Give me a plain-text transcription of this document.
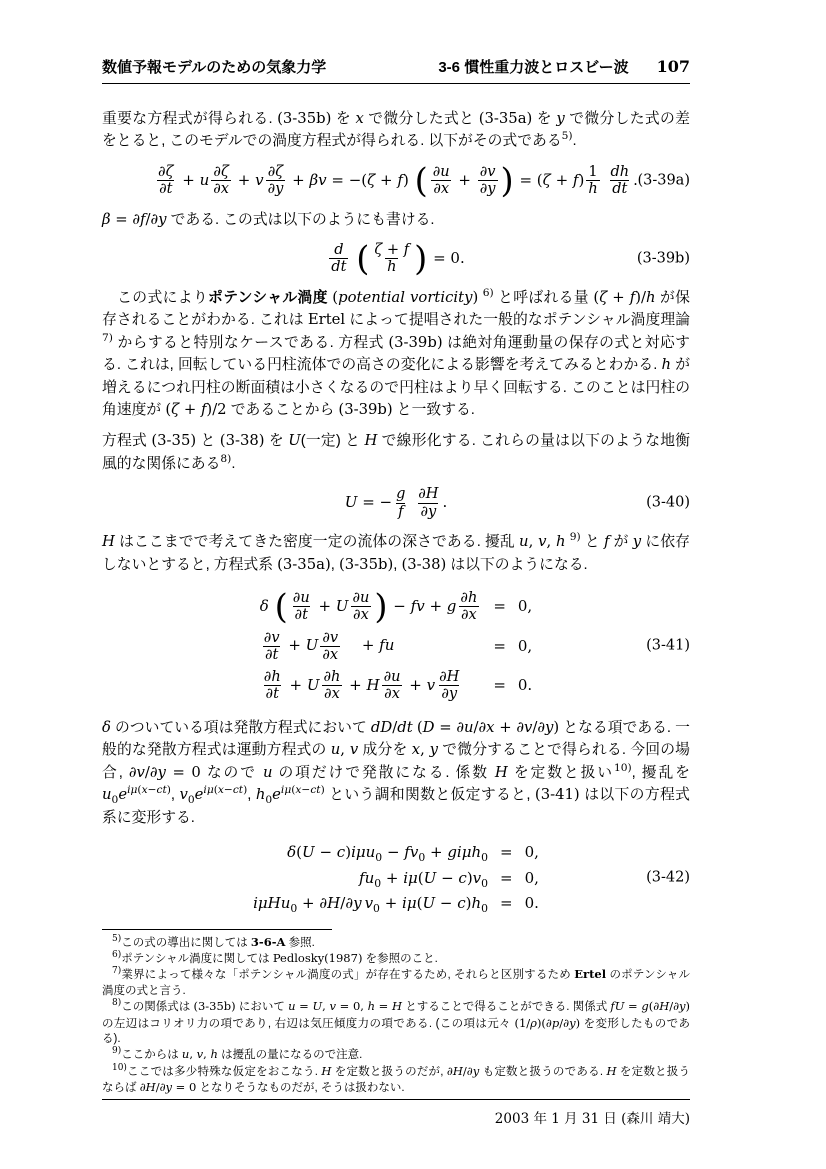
数値予報モデルのための気象力学	3-6 慣性重力波とロスビー波 107

重要な方程式が得られる. (3-35b) を x で微分した式と (3-35a) を y で微分した式の差をとると, このモデルでの渦度方程式が得られる. 以下がその式である$^{5)}$.

$\frac{\partial\zeta}{\partial t} + u \frac{\partial\zeta}{\partial x} + v \frac{\partial\zeta}{\partial y} + \beta v = -(\zeta + f)$ ( $\frac{\partial u}{\partial x} + \frac{\partial v}{\partial y}$ ) = $(\zeta + f) \frac{1}{h}$
$\frac{dh}{dt}$ . (3-39a)

β = ∂f/∂y である. この式は以下のようにも書ける.

$\frac{d}{dt}$ ( $\frac{\zeta + f}{h}$ ) = 0.	(3-39b)

　この式によりポテンシャル渦度 (potential vorticity) $^{6)}$ と呼ばれる量 (ζ + f)/h が保存されることがわかる. これは Ertel によって提唱された一般的なポテンシャル渦度理論$^{7)}$ からすると特別なケースである. 方程式 (3-39b) は絶対角運動量の保存の式と対応する. これは, 回転している円柱流体での高さの変化による影響を考えてみるとわかる. h が増えるにつれ円柱の断面積は小さくなるので円柱はより早く回転する. このことは円柱の角速度が (ζ + f)/2 であることから (3-39b) と一致する.

方程式 (3-35) と (3-38) を U(一定) と H で線形化する. これらの量は以下のような地衡風的な関係にある$^{8)}$.

U = − $\frac{g}{f}$
$\frac{\partial H}{\partial y}$ .	(3-40)

H はここまでで考えてきた密度一定の流体の深さである. 擾乱 u, v, h $^{9)}$ と f が y に依存しないとすると, 方程式系 (3-35a), (3-35b), (3-38) は以下のようになる.

δ ( $\frac{\partial u}{\partial t} + U \frac{\partial u}{\partial x}$ ) − fv + g $\frac{\partial h}{\partial x}$	=	0,

$\frac{\partial v}{\partial t} + U \frac{\partial v}{\partial x}$   + fu	=	0,

$\frac{\partial h}{\partial t} + U \frac{\partial h}{\partial x} + H \frac{\partial u}{\partial x} + v \frac{\partial H}{\partial y}$	=	0.
(3-41)

δ のついている項は発散方程式において dD/dt (D = ∂u/∂x + ∂v/∂y) となる項である. 一般的な発散方程式は運動方程式の u, v 成分を x, y で微分することで得られる. 今回の場合, ∂v/∂y = 0 なので u の項だけで発散になる. 係数 H を定数と扱い$^{10)}$, 擾乱を $u_0e^{i\mu(x-ct)}$, $v_0e^{i\mu(x-ct)}$, $h_0e^{i\mu(x-ct)}$ という調和関数と仮定すると, (3-41) は以下の方程式系に変形する.

$\delta(U - c)i\mu u_0 - fv_0 + gi\mu h_0$	=	0,
$fu_0 + i\mu(U - c)v_0$	=	0,
iμHu$_0$ + ∂H/∂y  $v_0 + i\mu(U - c)h_0$	=	0.
(3-42)

$^{5)}$この式の導出に関しては 3-6-A 参照.

$^{6)}$ポテンシャル渦度に関しては Pedlosky(1987) を参照のこと.

$^{7)}$業界によって様々な「ポテンシャル渦度の式」が存在するため, それらと区別するため Ertel のポテンシャル渦度の式と言う.

$^{8)}$この関係式は (3-35b) において u = U, v = 0, h = H とすることで得ることができる. 関係式 fU = g(∂H/∂y) の左辺はコリオリ力の項であり, 右辺は気圧傾度力の項である. (この項は元々 (1/ρ)(∂p/∂y) を変形したものである).

$^{9)}$ここからは u, v, h は擾乱の量になるので注意.

$^{10)}$ここでは多少特殊な仮定をおこなう. H を定数と扱うのだが, ∂H/∂y も定数と扱うのである. H を定数と扱うならば ∂H/∂y = 0 となりそうなものだが, そうは扱わない.

2003 年 1 月 31 日 (森川 靖大)
